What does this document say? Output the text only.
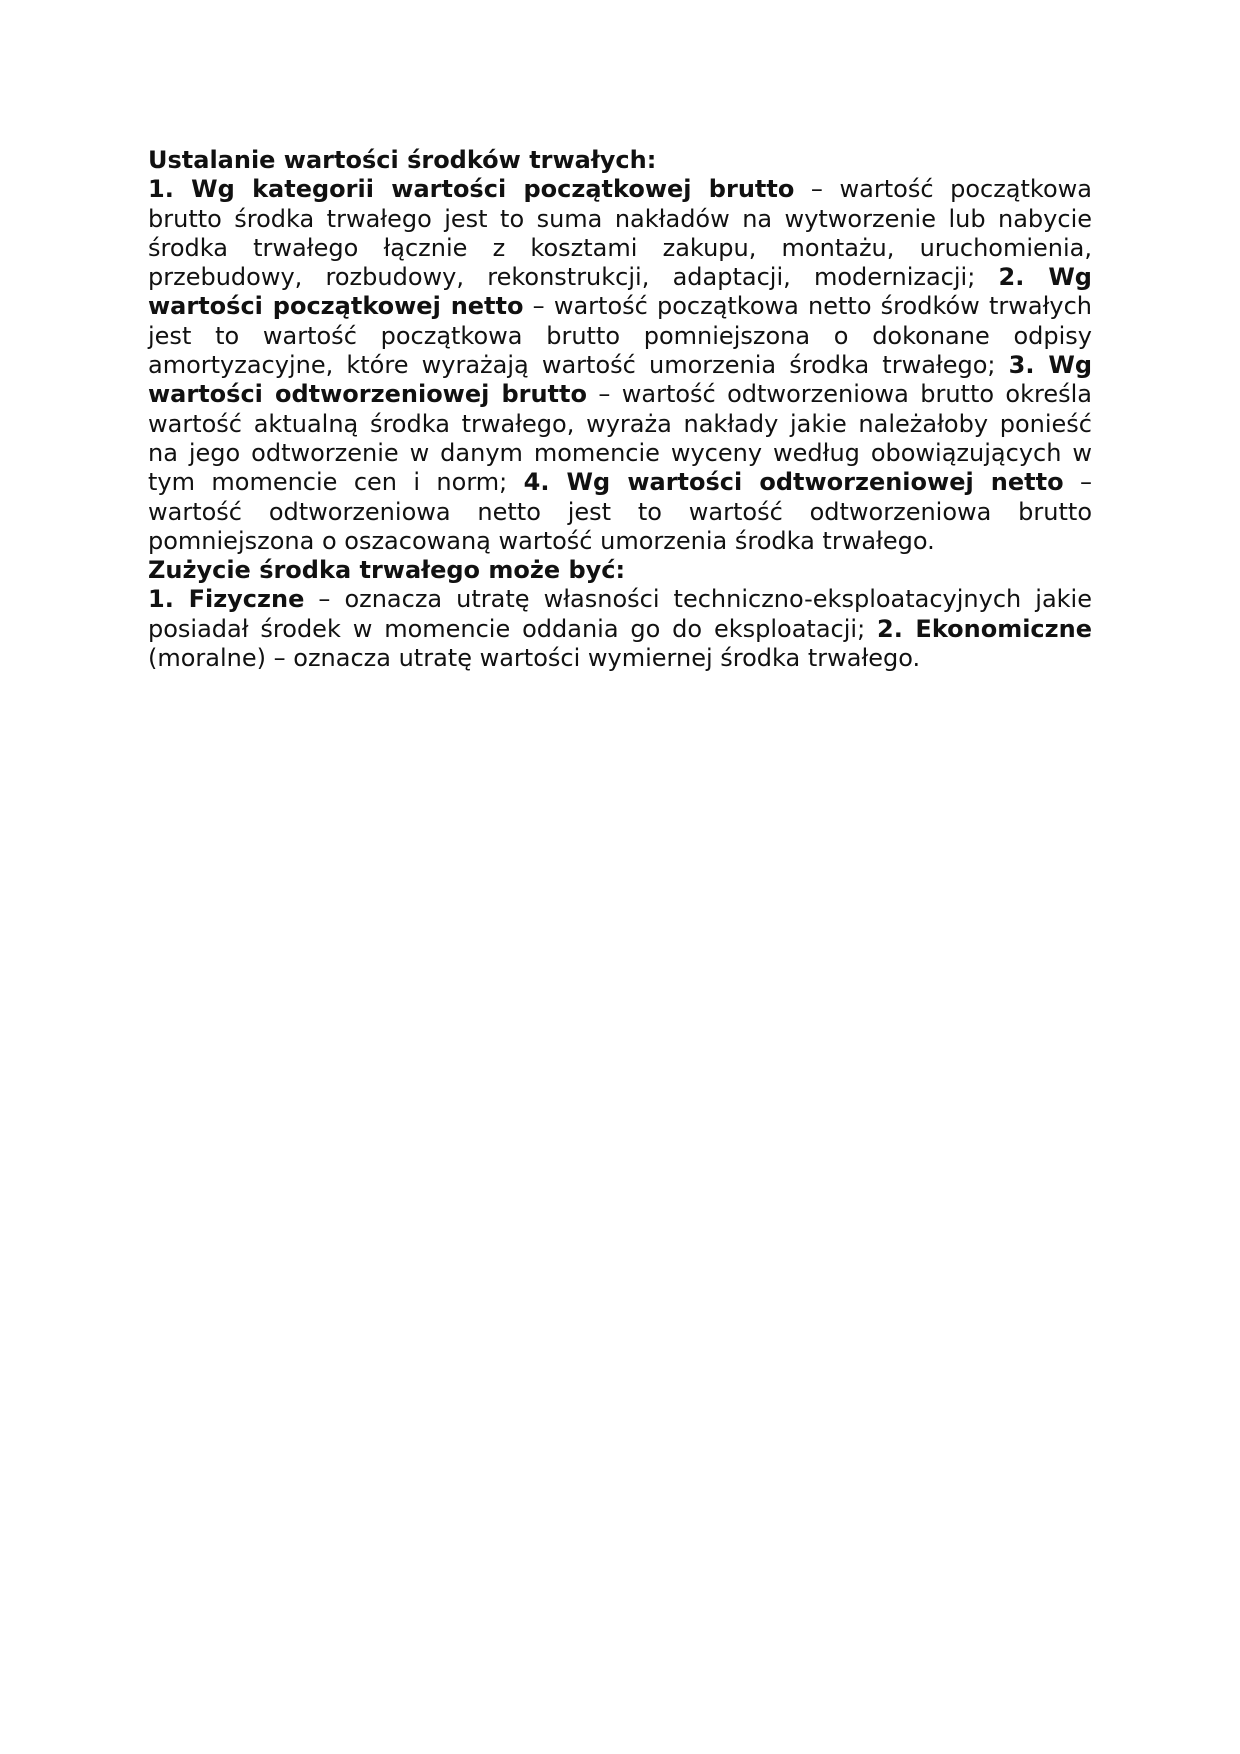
Ustalanie wartości środków trwałych:

1. Wg kategorii wartości początkowej brutto – wartość początkowa brutto środka trwałego jest to suma nakładów na wytworzenie lub nabycie środka trwałego łącznie z kosztami zakupu, montażu, uruchomienia, przebudowy, rozbudowy, rekonstrukcji, adaptacji, modernizacji; 2. Wg wartości początkowej netto – wartość początkowa netto środków trwałych jest to wartość początkowa brutto pomniejszona o dokonane odpisy amortyzacyjne, które wyrażają wartość umorzenia środka trwałego; 3. Wg wartości odtworzeniowej brutto – wartość odtworzeniowa brutto określa wartość aktualną środka trwałego, wyraża nakłady jakie należałoby ponieść na jego odtworzenie w danym momencie wyceny według obowiązujących w tym momencie cen i norm; 4. Wg wartości odtworzeniowej netto – wartość odtworzeniowa netto jest to wartość odtworzeniowa brutto pomniejszona o oszacowaną wartość umorzenia środka trwałego.

Zużycie środka trwałego może być:

1. Fizyczne – oznacza utratę własności techniczno-eksploatacyjnych jakie posiadał środek w momencie oddania go do eksploatacji; 2. Ekonomiczne (moralne) – oznacza utratę wartości wymiernej środka trwałego.
